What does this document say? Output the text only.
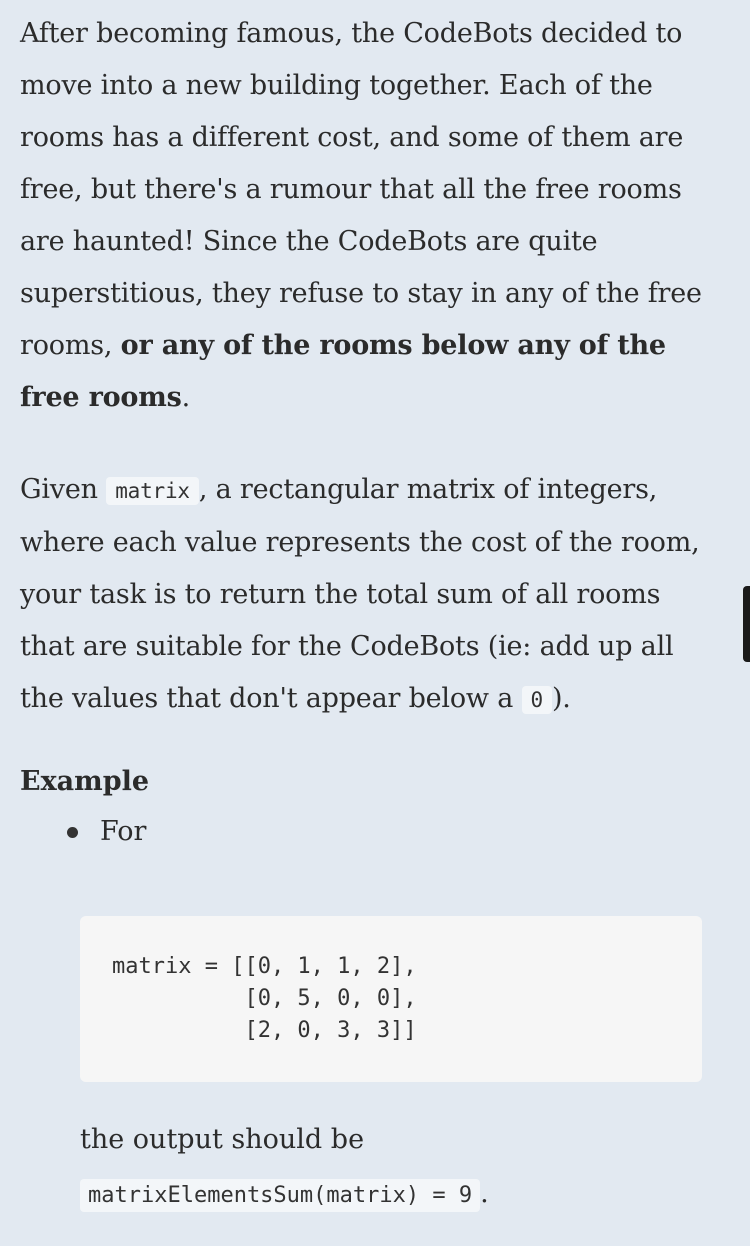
After becoming famous, the CodeBots decided to move into a new building together. Each of the rooms has a different cost, and some of them are free, but there's a rumour that all the free rooms are haunted! Since the CodeBots are quite superstitious, they refuse to stay in any of the free rooms, or any of the rooms below any of the free rooms.

Given matrix , a rectangular matrix of integers, where each value represents the cost of the room, your task is to return the total sum of all rooms that are suitable for the CodeBots (ie: add up all the values that don't appear below a 0 ).

Example
For
matrix = [[0, 1, 1, 2],
[0, 5, 0, 0],
[2, 0, 3, 3]]
the output should be
matrixElementsSum(matrix) = 9 .
